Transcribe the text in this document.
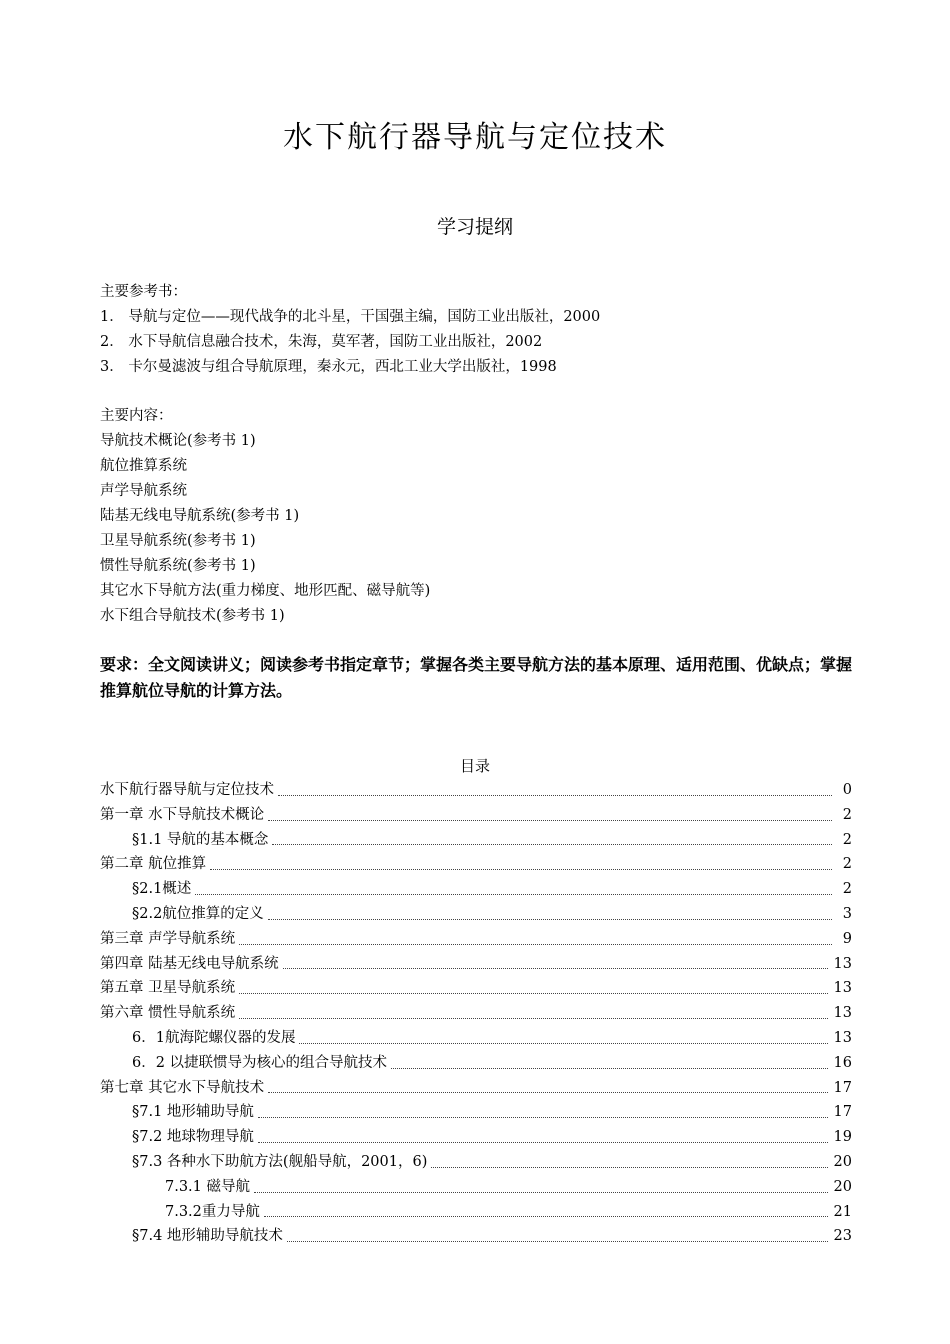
水下航行器导航与定位技术
学习提纲
主要参考书：
1． 导航与定位——现代战争的北斗星，干国强主编，国防工业出版社，2000
2． 水下导航信息融合技术，朱海，莫军著，国防工业出版社，2002
3． 卡尔曼滤波与组合导航原理，秦永元，西北工业大学出版社，1998
主要内容：
导航技术概论(参考书 1)
航位推算系统
声学导航系统
陆基无线电导航系统(参考书 1)
卫星导航系统(参考书 1)
惯性导航系统(参考书 1)
其它水下导航方法(重力梯度、地形匹配、磁导航等)
水下组合导航技术(参考书 1)
要求：全文阅读讲义；阅读参考书指定章节；掌握各类主要导航方法的基本原理、适用范围、优缺点；掌握推算航位导航的计算方法。
目录
水下航行器导航与定位技术	0
第一章 水下导航技术概论	2
§1.1 导航的基本概念	2
第二章 航位推算	2
§2.1概述	2
§2.2航位推算的定义	3
第三章 声学导航系统	9
第四章 陆基无线电导航系统	13
第五章 卫星导航系统	13
第六章 惯性导航系统	13
6．1航海陀螺仪器的发展	13
6．2 以捷联惯导为核心的组合导航技术	16
第七章 其它水下导航技术	17
§7.1 地形辅助导航	17
§7.2 地球物理导航	19
§7.3 各种水下助航方法(舰船导航，2001，6)	20
7.3.1 磁导航	20
7.3.2重力导航	21
§7.4 地形辅助导航技术	23
